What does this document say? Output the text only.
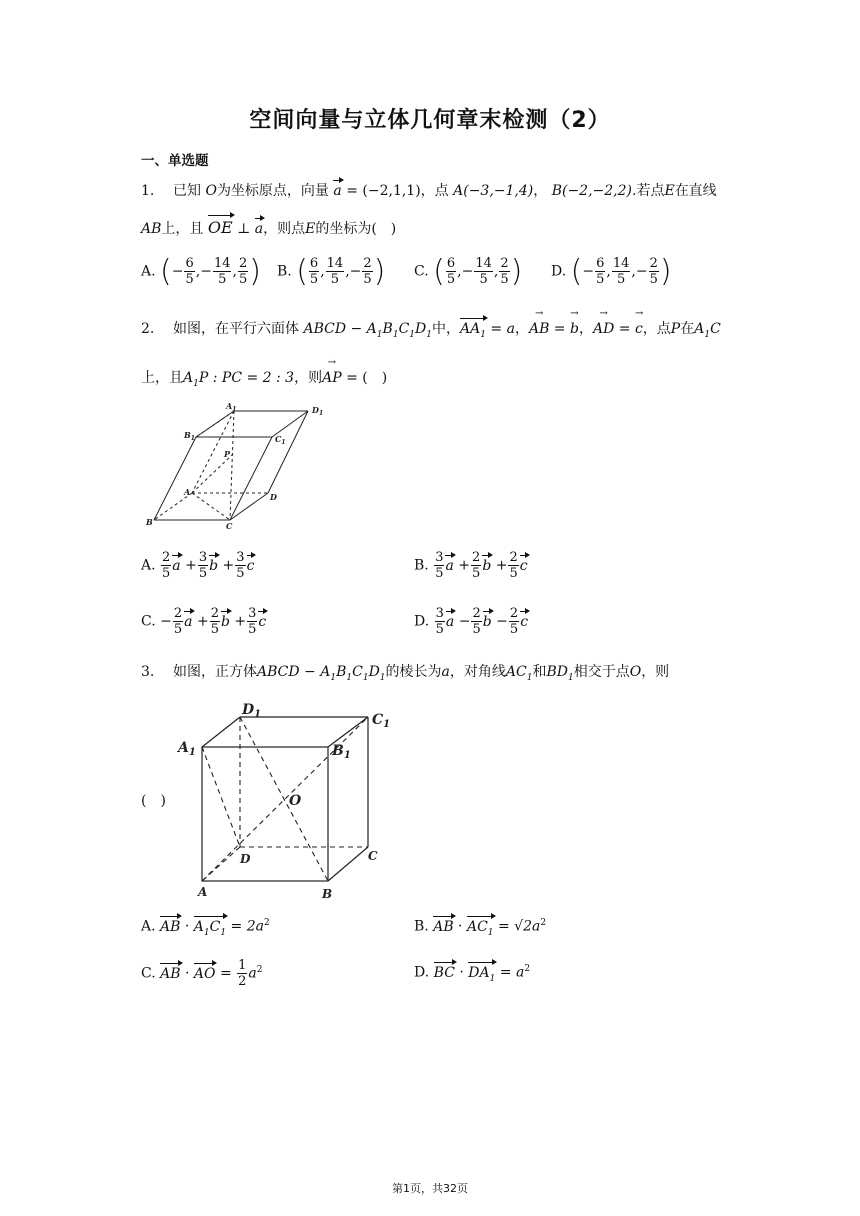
空间向量与立体几何章末检测（2）
一、单选题
1. 已知 O为坐标原点，向量 a = (−2,1,1)，点 A(−3,−1,4)， B(−2,−2,2).若点E在直线
AB上，且 OE ⊥ a，则点E的坐标为(　)
A. (− $\frac{6}{5}$ ,− $\frac{14}{5}$ , $\frac{2}{5}$ ) B. ( $\frac{6}{5}$ , $\frac{14}{5}$ ,− $\frac{2}{5}$ ) C. ( $\frac{6}{5}$ ,− $\frac{14}{5}$ , $\frac{2}{5}$ ) D. (− $\frac{6}{5}$ , $\frac{14}{5}$ ,− $\frac{2}{5}$ )
2. 如图，在平行六面体 ABCD − $A_1B_1C_1D_1$中，$AA_1 = a$，AB → = b →，AD → = c →，点P在$A_1C$
上，且$A_1P$ : PC = 2 : 3，则AP → = (　)
$A_1$	$D_1$
$B_1$	$C_1$
P
A	D
B	C
A. $\frac{2}{5}$ $a + \frac{3}{5}$ $b + \frac{3}{5}$ c	B. $\frac{3}{5}$ $a + \frac{2}{5}$ $b + \frac{2}{5}$ c
C. − $\frac{2}{5}$ $a + \frac{2}{5}$ $b + \frac{3}{5}$ c	D. $\frac{3}{5}$ $a - \frac{2}{5}$ $b - \frac{2}{5}$ c
3. 如图，正方体ABCD − $A_1B_1C_1D_1$的棱长为a，对角线$AC_1$和$BD_1$相交于点O，则
(　)
$D_1$	$C_1$
$A_1$	$B_1$
O
D	C
A	B
A. AB · $A_1C_1 = 2a^2$	B. AB · $AC_1 = √2a^2$
C. AB · AO = $\frac{1}{2} a^2$	D. BC · $DA_1 = a^2$
第1页，共32页
